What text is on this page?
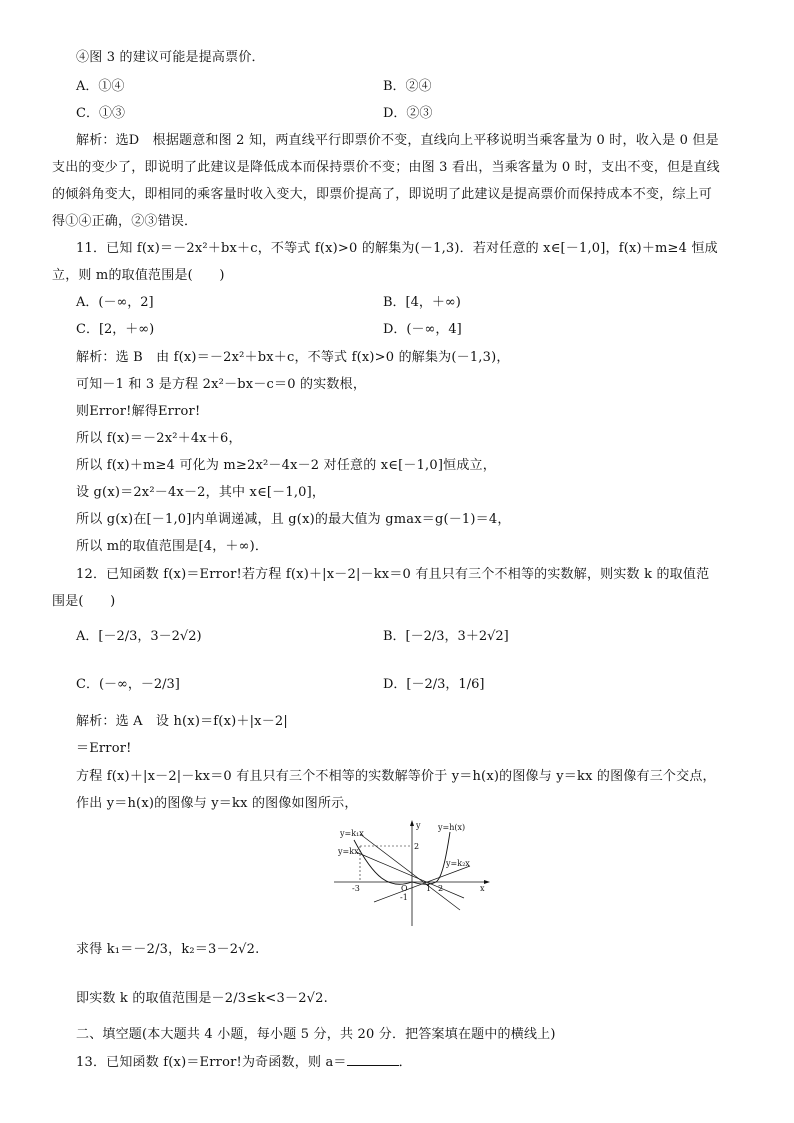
④图 3 的建议可能是提高票价．
A．①④	B．②④
C．①③	D．②③
解析：选D　根据题意和图 2 知，两直线平行即票价不变，直线向上平移说明当乘客量为 0 时，收入是 0 但是
支出的变少了，即说明了此建议是降低成本而保持票价不变；由图 3 看出，当乘客量为 0 时，支出不变，但是直线
的倾斜角变大，即相同的乘客量时收入变大，即票价提高了，即说明了此建议是提高票价而保持成本不变，综上可
得①④正确，②③错误．
11．已知 f(x)＝－2x²＋bx＋c，不等式 f(x)>0 的解集为(－1,3)．若对任意的 x∈[－1,0]，f(x)＋m≥4 恒成
立，则 m的取值范围是(　　)
A．(－∞，2]	B．[4，＋∞)
C．[2，＋∞)	D．(－∞，4]
解析：选 B　由 f(x)＝－2x²＋bx＋c，不等式 f(x)>0 的解集为(－1,3)，
可知－1 和 3 是方程 2x²－bx－c＝0 的实数根，
则Error!解得Error!
所以 f(x)＝－2x²＋4x＋6，
所以 f(x)＋m≥4 可化为 m≥2x²－4x－2 对任意的 x∈[－1,0]恒成立，
设 g(x)＝2x²－4x－2，其中 x∈[－1,0]，
所以 g(x)在[－1,0]内单调递减，且 g(x)的最大值为 gmax＝g(－1)＝4，
所以 m的取值范围是[4，＋∞)．
12．已知函数 f(x)＝Error!若方程 f(x)＋|x－2|－kx＝0 有且只有三个不相等的实数解，则实数 k 的取值范
围是(　　)
A．[－2/3，3－2√2)	B．[－2/3，3＋2√2]
C．(－∞，－2/3]	D．[－2/3，1/6]
解析：选 A　设 h(x)＝f(x)＋|x－2|
＝Error!
方程 f(x)＋|x－2|－kx＝0 有且只有三个不相等的实数解等价于 y＝h(x)的图像与 y＝kx 的图像有三个交点，
作出 y＝h(x)的图像与 y＝kx 的图像如图所示，
y y=h(x)
y=k₁x
y=kx
y=k₂x
2
O 1 2	x
-3
-1
求得 k₁＝－2/3，k₂＝3－2√2.
即实数 k 的取值范围是－2/3≤k<3－2√2.
二、填空题(本大题共 4 小题，每小题 5 分，共 20 分．把答案填在题中的横线上)
13．已知函数 f(x)＝Error!为奇函数，则 a＝	．
